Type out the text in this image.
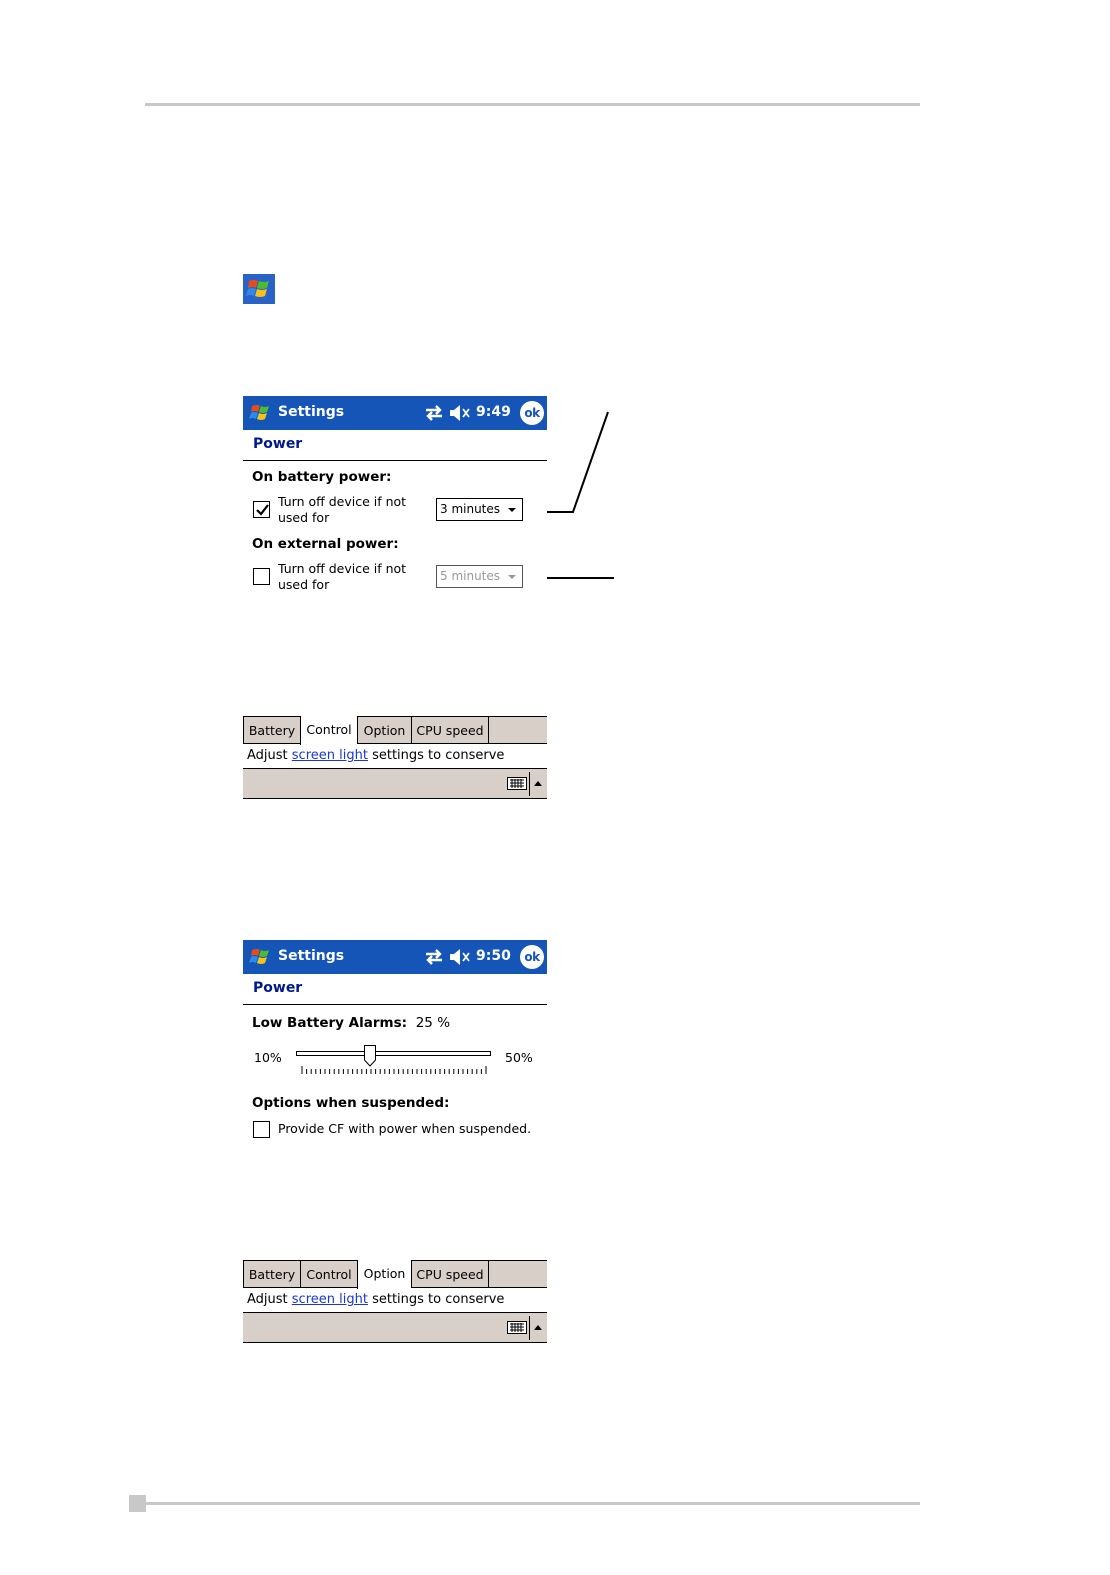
Settings	9:49	ok
Power
On battery power:
Turn off device if not
used for
3 minutes
On external power:
Turn off device if not
used for
5 minutes
Battery Control Option CPU speed
Adjust screen light settings to conserve
Settings	9:50	ok
Power
Low Battery Alarms: 25 %
10%	50%
Options when suspended:
Provide CF with power when suspended.
Battery Control Option CPU speed
Adjust screen light settings to conserve
